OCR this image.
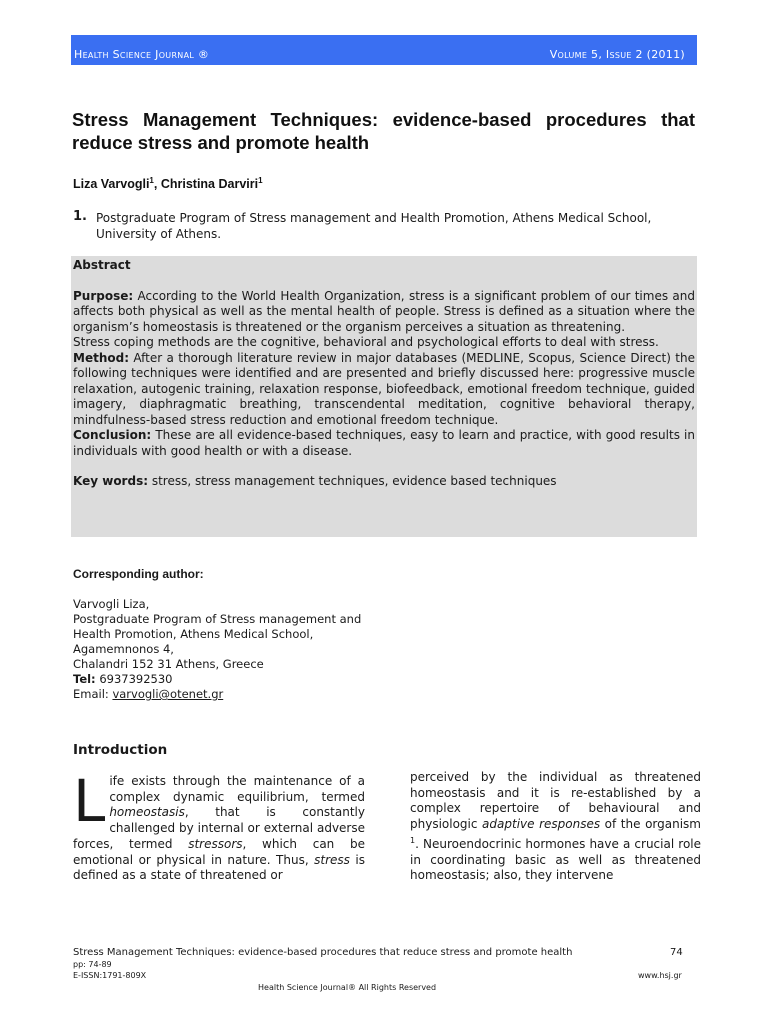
Health Science Journal ®	Volume 5, Issue 2 (2011)
Stress Management Techniques: evidence-based procedures that reduce stress and promote health
Liza Varvogli$^1$, Christina Darviri$^1$
1. Postgraduate Program of Stress management and Health Promotion, Athens Medical School, University of Athens.

Abstract

Purpose: According to the World Health Organization, stress is a significant problem of our times and affects both physical as well as the mental health of people. Stress is defined as a situation where the organism’s homeostasis is threatened or the organism perceives a situation as threatening.

Stress coping methods are the cognitive, behavioral and psychological efforts to deal with stress.

Method: After a thorough literature review in major databases (MEDLINE, Scopus, Science Direct) the following techniques were identified and are presented and briefly discussed here: progressive muscle relaxation, autogenic training, relaxation response, biofeedback, emotional freedom technique, guided imagery, diaphragmatic breathing, transcendental meditation, cognitive behavioral therapy, mindfulness-based stress reduction and emotional freedom technique.

Conclusion: These are all evidence-based techniques, easy to learn and practice, with good results in individuals with good health or with a disease.

Key words: stress, stress management techniques, evidence based techniques

Corresponding author:
Varvogli Liza,
Postgraduate Program of Stress management and
Health Promotion, Athens Medical School,
Agamemnonos 4,
Chalandri 152 31 Athens, Greece
Tel: 6937392530
Email: varvogli@otenet.gr
Introduction
Life exists through the maintenance of a complex dynamic equilibrium, termed homeostasis, that is constantly challenged by internal or external adverse forces, termed stressors, which can be emotional or physical in nature. Thus, stress is defined as a state of threatened or
perceived by the individual as threatened homeostasis and it is re-established by a complex repertoire of behavioural and physiologic adaptive responses of the organism $^1$. Neuroendocrinic hormones have a crucial role in coordinating basic as well as threatened homeostasis; also, they intervene
Stress Management Techniques: evidence-based procedures that reduce stress and promote health	74
pp: 74-89
E-ISSN:1791-809X	www.hsj.gr
Health Science Journal® All Rights Reserved
